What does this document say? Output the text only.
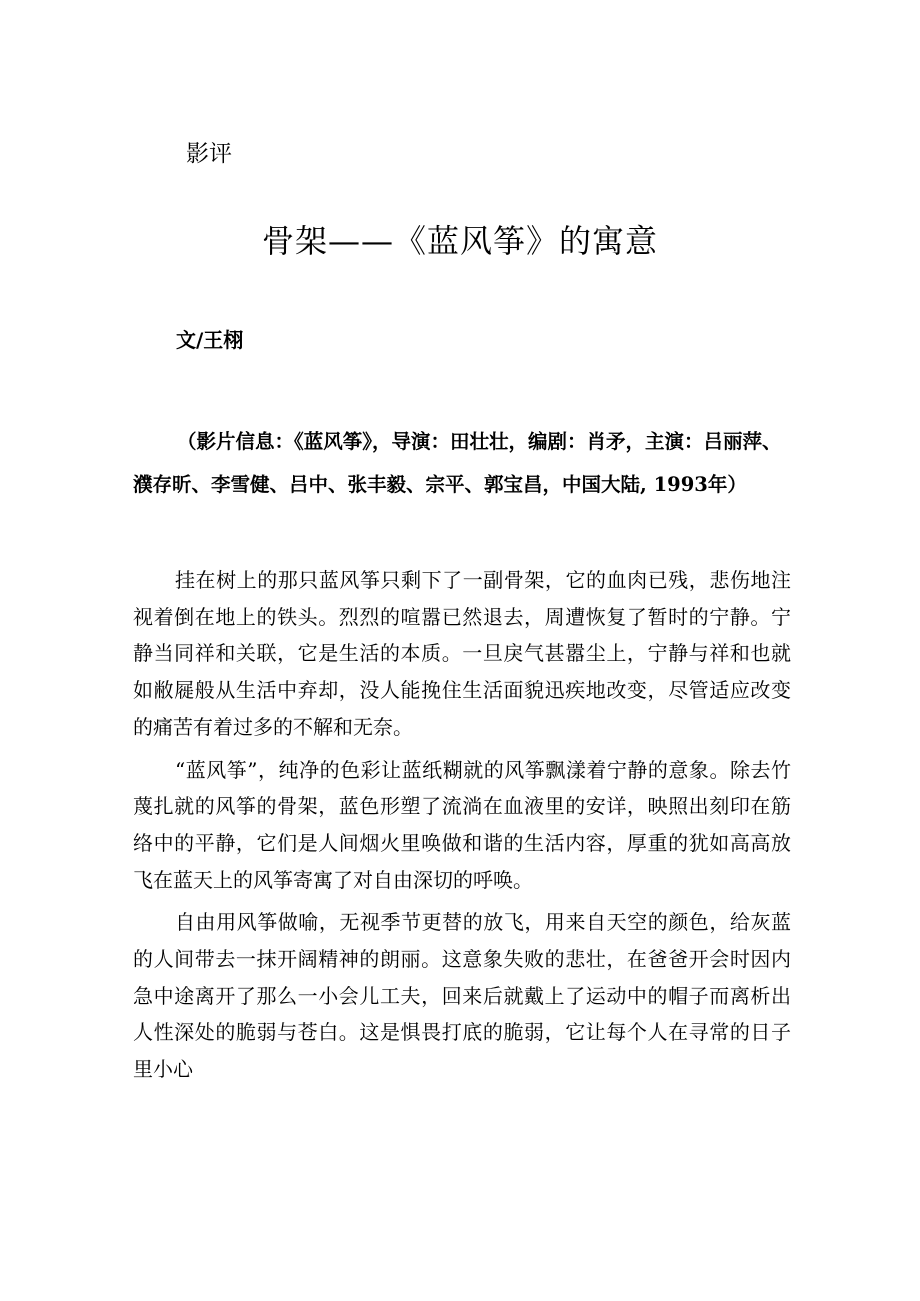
影评
骨架——《蓝风筝》的寓意
文/王栩
（影片信息：《蓝风筝》，导演：田壮壮，编剧：肖矛，主演：吕丽萍、濮存昕、李雪健、吕中、张丰毅、宗平、郭宝昌，中国大陆, 1993年）

挂在树上的那只蓝风筝只剩下了一副骨架，它的血肉已残，悲伤地注视着倒在地上的铁头。烈烈的喧嚣已然退去，周遭恢复了暂时的宁静。宁静当同祥和关联，它是生活的本质。一旦戾气甚嚣尘上，宁静与祥和也就如敝屣般从生活中弃却，没人能挽住生活面貌迅疾地改变，尽管适应改变的痛苦有着过多的不解和无奈。

“蓝风筝”，纯净的色彩让蓝纸糊就的风筝飘漾着宁静的意象。除去竹蔑扎就的风筝的骨架，蓝色形塑了流淌在血液里的安详，映照出刻印在筋络中的平静，它们是人间烟火里唤做和谐的生活内容，厚重的犹如高高放飞在蓝天上的风筝寄寓了对自由深切的呼唤。

自由用风筝做喻，无视季节更替的放飞，用来自天空的颜色，给灰蓝的人间带去一抹开阔精神的朗丽。这意象失败的悲壮，在爸爸开会时因内急中途离开了那么一小会儿工夫，回来后就戴上了运动中的帽子而离析出人性深处的脆弱与苍白。这是惧畏打底的脆弱，它让每个人在寻常的日子里小心
